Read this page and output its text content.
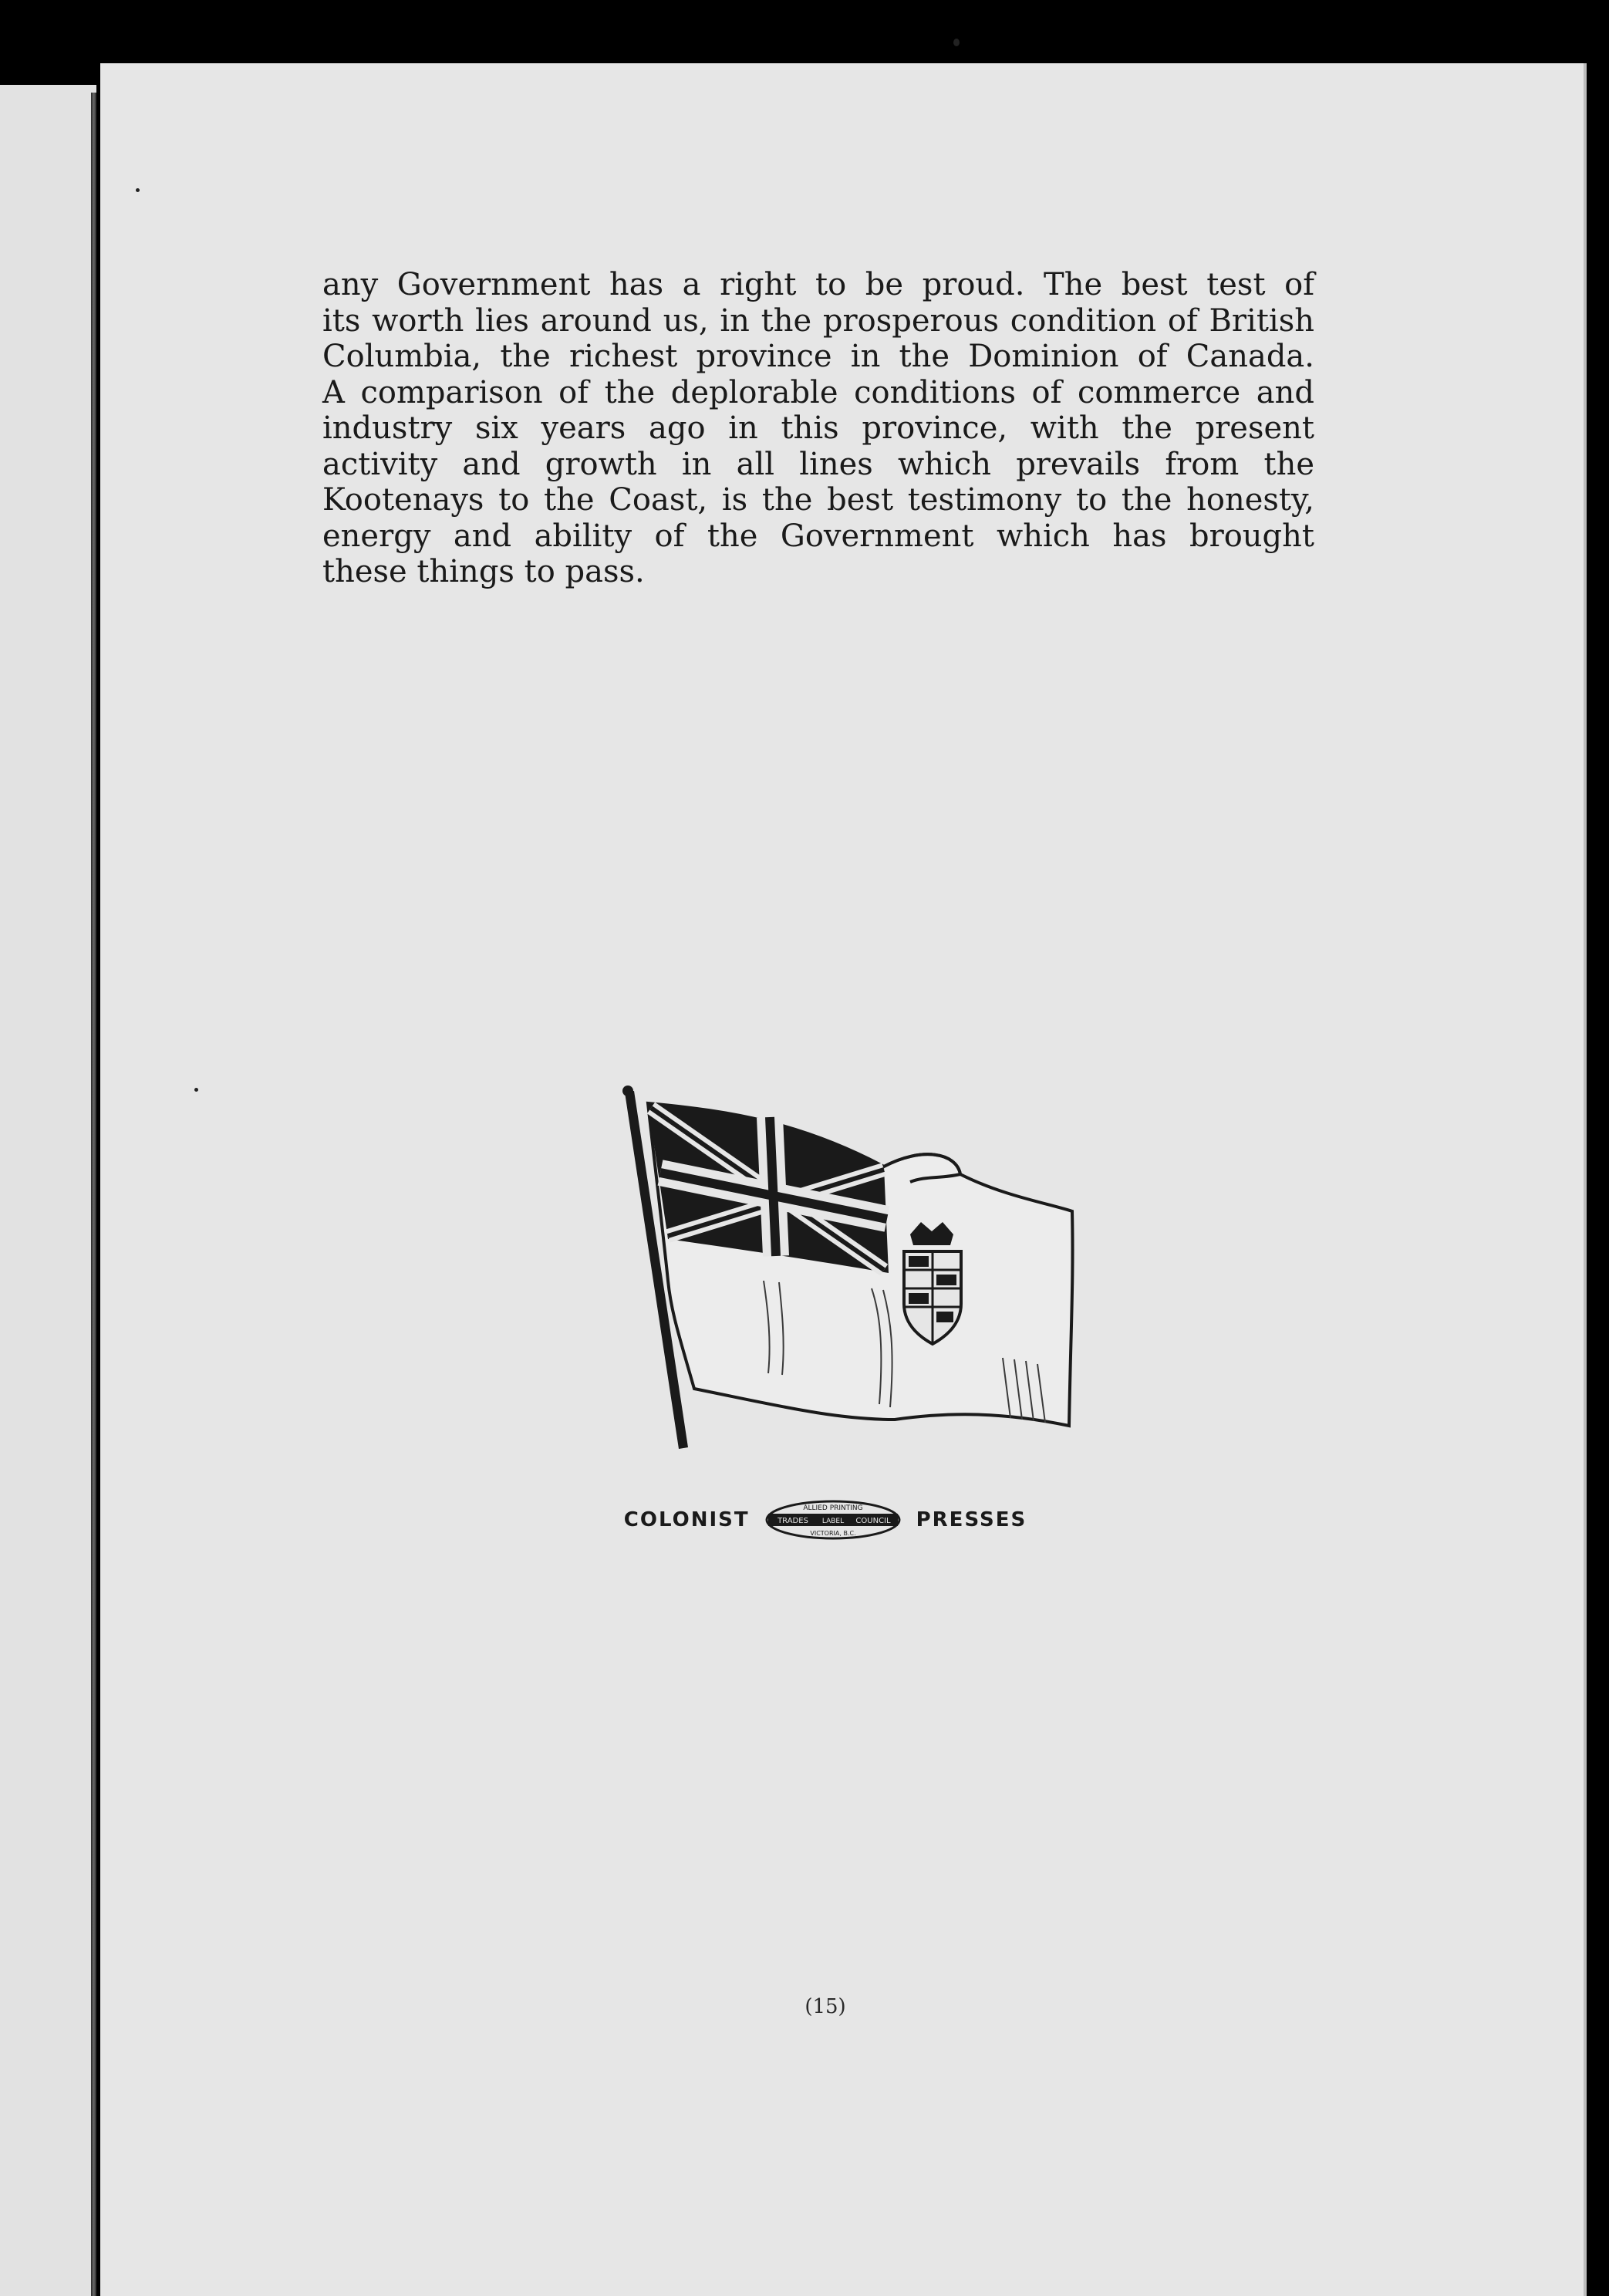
any Government has a right to be proud. The best test of
its worth lies around us, in the prosperous condition of British
Columbia, the richest province in the Dominion of Canada.
A comparison of the deplorable conditions of commerce and
industry six years ago in this province, with the present
activity and growth in all lines which prevails from the
Kootenays to the Coast, is the best testimony to the honesty,
energy and ability of the Government which has brought
these things to pass.

COLONIST	ALLIED PRINTING
TRADES LABEL COUNCIL
VICTORIA, B.C.
PRESSES
(15)
